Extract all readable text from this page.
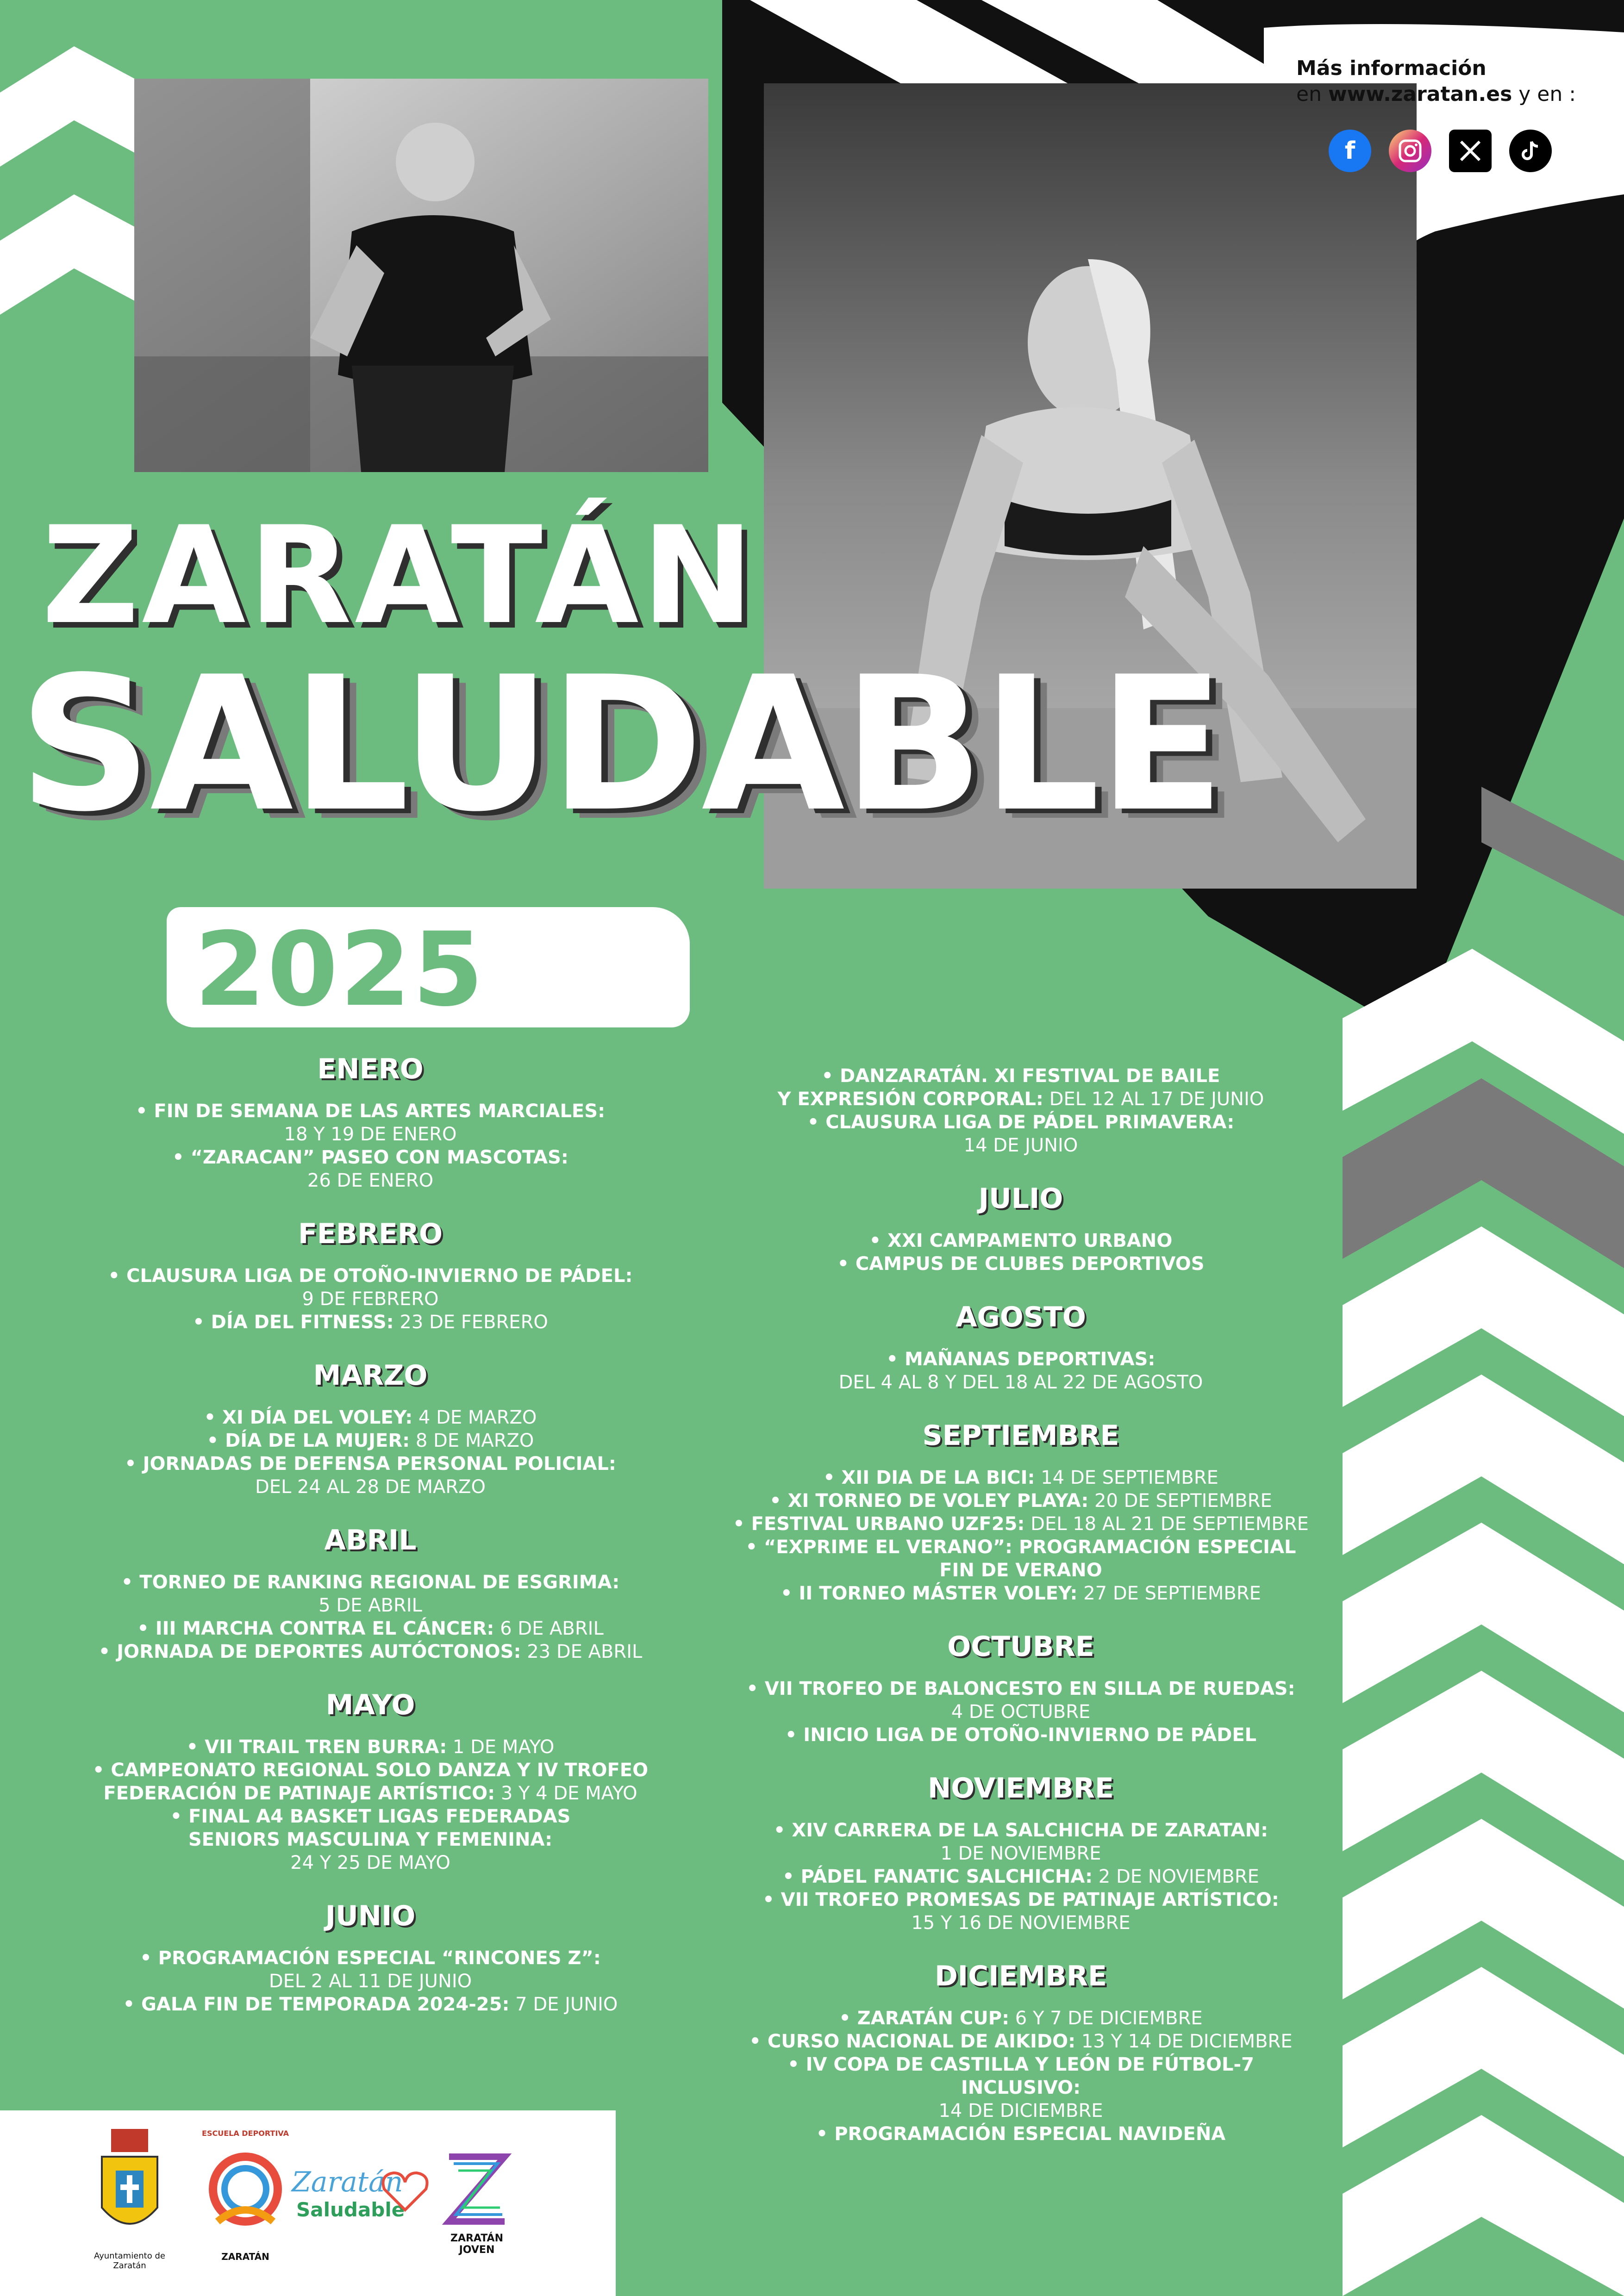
Más información
en www.zaratan.es y en :
f
ZARATÁN
SALUDABLE
2025
ENERO
• FIN DE SEMANA DE LAS ARTES MARCIALES:
18 Y 19 DE ENERO
• “ZARACAN” PASEO CON MASCOTAS:
26 DE ENERO
FEBRERO
• CLAUSURA LIGA DE OTOÑO-INVIERNO DE PÁDEL:
9 DE FEBRERO
• DÍA DEL FITNESS: 23 DE FEBRERO
MARZO
• XI DÍA DEL VOLEY: 4 DE MARZO
• DÍA DE LA MUJER: 8 DE MARZO
• JORNADAS DE DEFENSA PERSONAL POLICIAL:
DEL 24 AL 28 DE MARZO
ABRIL
• TORNEO DE RANKING REGIONAL DE ESGRIMA:
5 DE ABRIL
• III MARCHA CONTRA EL CÁNCER: 6 DE ABRIL
• JORNADA DE DEPORTES AUTÓCTONOS: 23 DE ABRIL
MAYO
• VII TRAIL TREN BURRA: 1 DE MAYO
• CAMPEONATO REGIONAL SOLO DANZA Y IV TROFEO
FEDERACIÓN DE PATINAJE ARTÍSTICO: 3 Y 4 DE MAYO
• FINAL A4 BASKET LIGAS FEDERADAS
SENIORS MASCULINA Y FEMENINA:
24 Y 25 DE MAYO
JUNIO
• PROGRAMACIÓN ESPECIAL “RINCONES Z”:
DEL 2 AL 11 DE JUNIO
• GALA FIN DE TEMPORADA 2024-25: 7 DE JUNIO
• DANZARATÁN. XI FESTIVAL DE BAILE
Y EXPRESIÓN CORPORAL: DEL 12 AL 17 DE JUNIO
• CLAUSURA LIGA DE PÁDEL PRIMAVERA:
14 DE JUNIO
JULIO
• XXI CAMPAMENTO URBANO
• CAMPUS DE CLUBES DEPORTIVOS
AGOSTO
• MAÑANAS DEPORTIVAS:
DEL 4 AL 8 Y DEL 18 AL 22 DE AGOSTO
SEPTIEMBRE
• XII DIA DE LA BICI: 14 DE SEPTIEMBRE
• XI TORNEO DE VOLEY PLAYA: 20 DE SEPTIEMBRE
• FESTIVAL URBANO UZF25: DEL 18 AL 21 DE SEPTIEMBRE
• “EXPRIME EL VERANO”: PROGRAMACIÓN ESPECIAL
FIN DE VERANO
• II TORNEO MÁSTER VOLEY: 27 DE SEPTIEMBRE
OCTUBRE
• VII TROFEO DE BALONCESTO EN SILLA DE RUEDAS:
4 DE OCTUBRE
• INICIO LIGA DE OTOÑO-INVIERNO DE PÁDEL
NOVIEMBRE
• XIV CARRERA DE LA SALCHICHA DE ZARATAN:
1 DE NOVIEMBRE
• PÁDEL FANATIC SALCHICHA: 2 DE NOVIEMBRE
• VII TROFEO PROMESAS DE PATINAJE ARTÍSTICO:
15 Y 16 DE NOVIEMBRE
DICIEMBRE
• ZARATÁN CUP: 6 Y 7 DE DICIEMBRE
• CURSO NACIONAL DE AIKIDO: 13 Y 14 DE DICIEMBRE
• IV COPA DE CASTILLA Y LEÓN DE FÚTBOL-7 INCLUSIVO:
14 DE DICIEMBRE
• PROGRAMACIÓN ESPECIAL NAVIDEÑA
Ayuntamiento de Zaratán
ESCUELA DEPORTIVA
ZARATÁN
Zaratán
Saludable
ZARATÁN JOVEN
